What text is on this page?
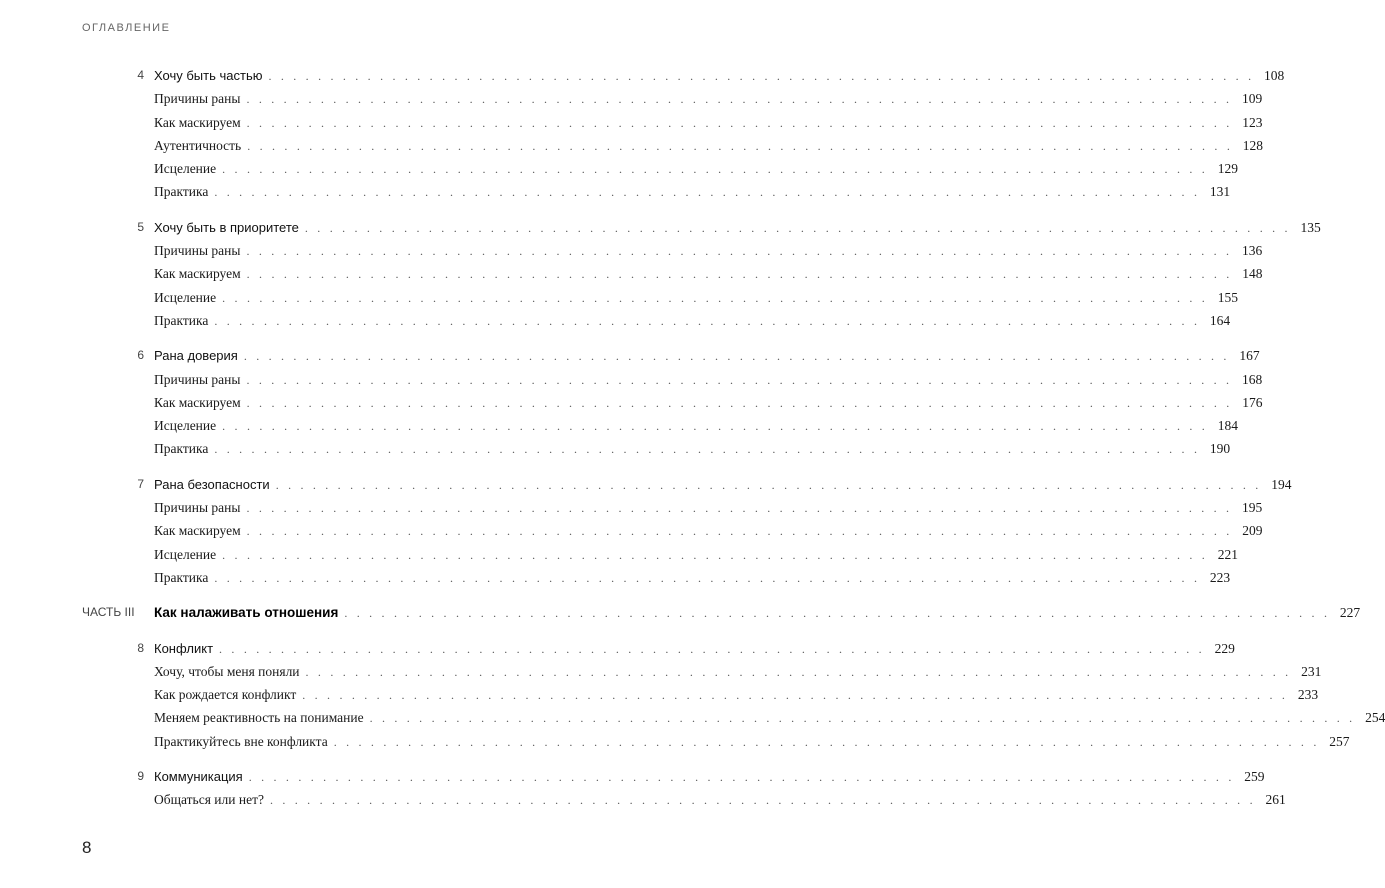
ОГЛАВЛЕНИЕ
4 Хочу быть частью . . . . . . . . . . . . . . . . . . . . . . . . . . . . . . . . . . . . . . . . . . . . . . . . . . . . . . . . . . . . . . . . . . . . . . . . . . . . . . . . 108
Причины раны . . . . . . . . . . . . . . . . . . . . . . . . . . . . . . . . . . . . . . . . . . . . . . . . . . . . . . . . . . . . . . . . . . . . . . . . . . . . . . . . 109
Как маскируем . . . . . . . . . . . . . . . . . . . . . . . . . . . . . . . . . . . . . . . . . . . . . . . . . . . . . . . . . . . . . . . . . . . . . . . . . . . . . . . . 123
Аутентичность . . . . . . . . . . . . . . . . . . . . . . . . . . . . . . . . . . . . . . . . . . . . . . . . . . . . . . . . . . . . . . . . . . . . . . . . . . . . . . . . 128
Исцеление . . . . . . . . . . . . . . . . . . . . . . . . . . . . . . . . . . . . . . . . . . . . . . . . . . . . . . . . . . . . . . . . . . . . . . . . . . . . . . . . 129
Практика . . . . . . . . . . . . . . . . . . . . . . . . . . . . . . . . . . . . . . . . . . . . . . . . . . . . . . . . . . . . . . . . . . . . . . . . . . . . . . . . 131
5 Хочу быть в приоритете . . . . . . . . . . . . . . . . . . . . . . . . . . . . . . . . . . . . . . . . . . . . . . . . . . . . . . . . . . . . . . . . . . . . . . . . . . . . . . . . 135
Причины раны . . . . . . . . . . . . . . . . . . . . . . . . . . . . . . . . . . . . . . . . . . . . . . . . . . . . . . . . . . . . . . . . . . . . . . . . . . . . . . . . 136
Как маскируем . . . . . . . . . . . . . . . . . . . . . . . . . . . . . . . . . . . . . . . . . . . . . . . . . . . . . . . . . . . . . . . . . . . . . . . . . . . . . . . . 148
Исцеление . . . . . . . . . . . . . . . . . . . . . . . . . . . . . . . . . . . . . . . . . . . . . . . . . . . . . . . . . . . . . . . . . . . . . . . . . . . . . . . . 155
Практика . . . . . . . . . . . . . . . . . . . . . . . . . . . . . . . . . . . . . . . . . . . . . . . . . . . . . . . . . . . . . . . . . . . . . . . . . . . . . . . . 164
6 Рана доверия . . . . . . . . . . . . . . . . . . . . . . . . . . . . . . . . . . . . . . . . . . . . . . . . . . . . . . . . . . . . . . . . . . . . . . . . . . . . . . . . 167
Причины раны . . . . . . . . . . . . . . . . . . . . . . . . . . . . . . . . . . . . . . . . . . . . . . . . . . . . . . . . . . . . . . . . . . . . . . . . . . . . . . . . 168
Как маскируем . . . . . . . . . . . . . . . . . . . . . . . . . . . . . . . . . . . . . . . . . . . . . . . . . . . . . . . . . . . . . . . . . . . . . . . . . . . . . . . . 176
Исцеление . . . . . . . . . . . . . . . . . . . . . . . . . . . . . . . . . . . . . . . . . . . . . . . . . . . . . . . . . . . . . . . . . . . . . . . . . . . . . . . . 184
Практика . . . . . . . . . . . . . . . . . . . . . . . . . . . . . . . . . . . . . . . . . . . . . . . . . . . . . . . . . . . . . . . . . . . . . . . . . . . . . . . . 190
7 Рана безопасности . . . . . . . . . . . . . . . . . . . . . . . . . . . . . . . . . . . . . . . . . . . . . . . . . . . . . . . . . . . . . . . . . . . . . . . . . . . . . . . . 194
Причины раны . . . . . . . . . . . . . . . . . . . . . . . . . . . . . . . . . . . . . . . . . . . . . . . . . . . . . . . . . . . . . . . . . . . . . . . . . . . . . . . . 195
Как маскируем . . . . . . . . . . . . . . . . . . . . . . . . . . . . . . . . . . . . . . . . . . . . . . . . . . . . . . . . . . . . . . . . . . . . . . . . . . . . . . . . 209
Исцеление . . . . . . . . . . . . . . . . . . . . . . . . . . . . . . . . . . . . . . . . . . . . . . . . . . . . . . . . . . . . . . . . . . . . . . . . . . . . . . . . 221
Практика . . . . . . . . . . . . . . . . . . . . . . . . . . . . . . . . . . . . . . . . . . . . . . . . . . . . . . . . . . . . . . . . . . . . . . . . . . . . . . . . 223
ЧАСТЬ III	Как налаживать отношения . . . . . . . . . . . . . . . . . . . . . . . . . . . . . . . . . . . . . . . . . . . . . . . . . . . . . . . . . . . . . . . . . . . . . . . . . . . . . . . . 227
8 Конфликт . . . . . . . . . . . . . . . . . . . . . . . . . . . . . . . . . . . . . . . . . . . . . . . . . . . . . . . . . . . . . . . . . . . . . . . . . . . . . . . . 229
Хочу, чтобы меня поняли . . . . . . . . . . . . . . . . . . . . . . . . . . . . . . . . . . . . . . . . . . . . . . . . . . . . . . . . . . . . . . . . . . . . . . . . . . . . . . . . 231
Как рождается конфликт . . . . . . . . . . . . . . . . . . . . . . . . . . . . . . . . . . . . . . . . . . . . . . . . . . . . . . . . . . . . . . . . . . . . . . . . . . . . . . . . 233
Меняем реактивность на понимание . . . . . . . . . . . . . . . . . . . . . . . . . . . . . . . . . . . . . . . . . . . . . . . . . . . . . . . . . . . . . . . . . . . . . . . . . . . . . . . . 254
Практикуйтесь вне конфликта . . . . . . . . . . . . . . . . . . . . . . . . . . . . . . . . . . . . . . . . . . . . . . . . . . . . . . . . . . . . . . . . . . . . . . . . . . . . . . . . 257
9 Коммуникация . . . . . . . . . . . . . . . . . . . . . . . . . . . . . . . . . . . . . . . . . . . . . . . . . . . . . . . . . . . . . . . . . . . . . . . . . . . . . . . . 259
Общаться или нет? . . . . . . . . . . . . . . . . . . . . . . . . . . . . . . . . . . . . . . . . . . . . . . . . . . . . . . . . . . . . . . . . . . . . . . . . . . . . . . . . 261
8
